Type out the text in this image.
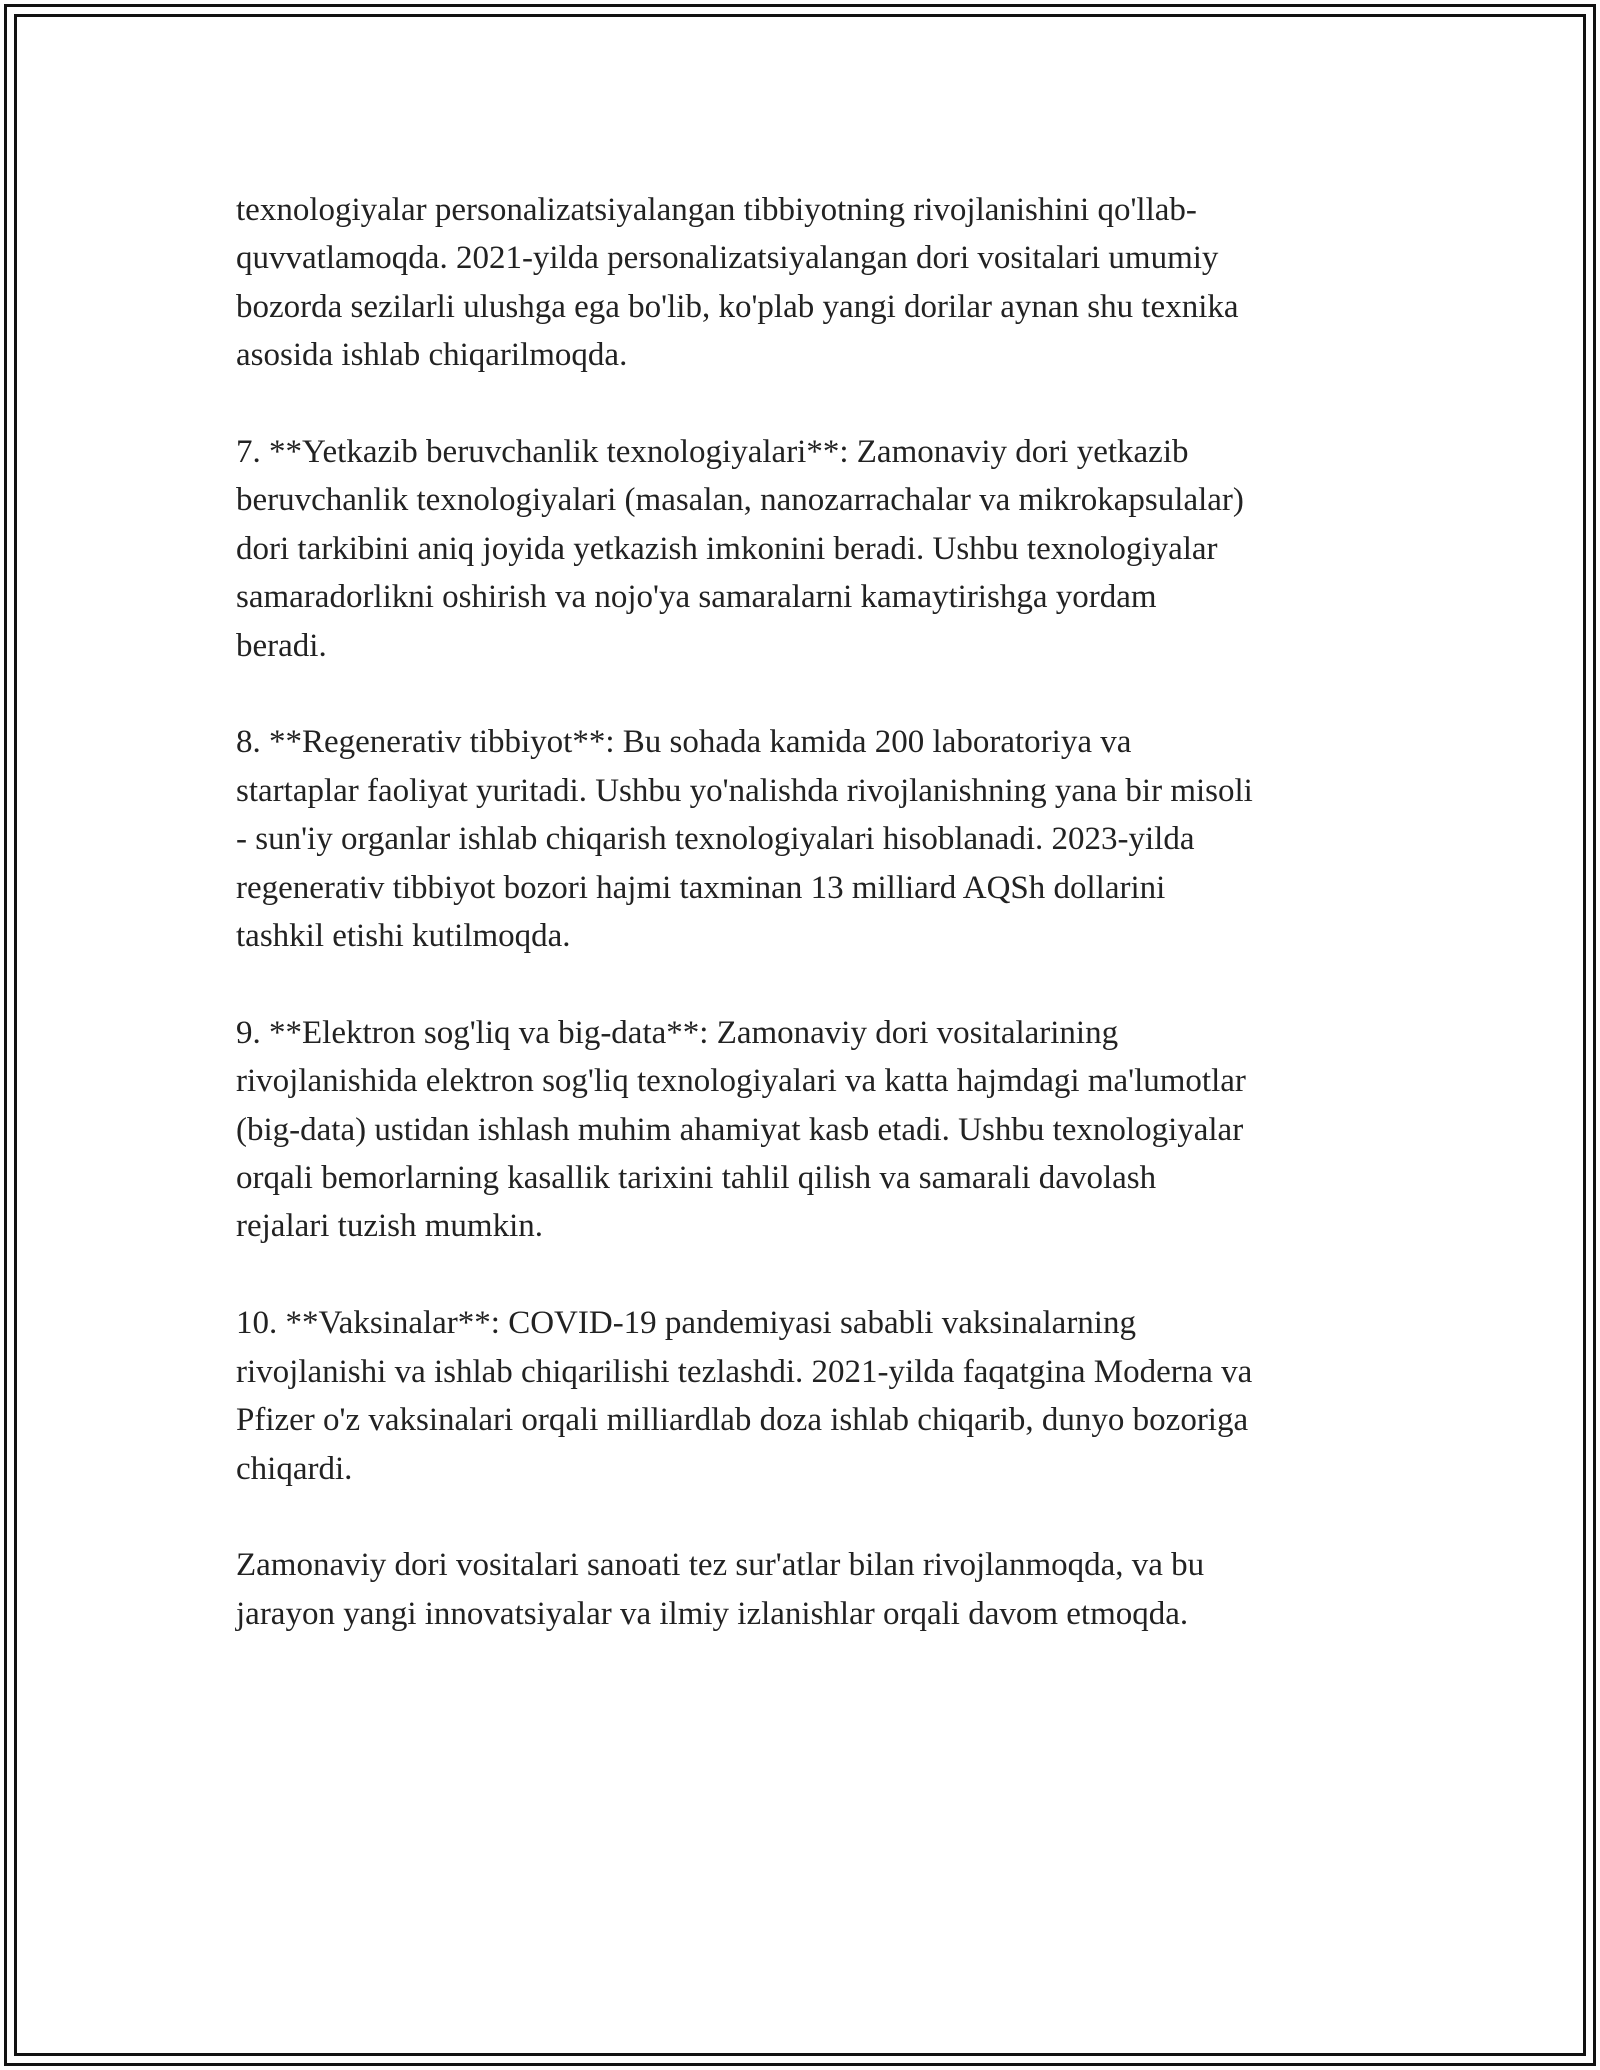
texnologiyalar personalizatsiyalangan tibbiyotning rivojlanishini qo'llab-
quvvatlamoqda. 2021-yilda personalizatsiyalangan dori vositalari umumiy
bozorda sezilarli ulushga ega bo'lib, ko'plab yangi dorilar aynan shu texnika
asosida ishlab chiqarilmoqda.

7. **Yetkazib beruvchanlik texnologiyalari**: Zamonaviy dori yetkazib
beruvchanlik texnologiyalari (masalan, nanozarrachalar va mikrokapsulalar)
dori tarkibini aniq joyida yetkazish imkonini beradi. Ushbu texnologiyalar
samaradorlikni oshirish va nojo'ya samaralarni kamaytirishga yordam
beradi.

8. **Regenerativ tibbiyot**: Bu sohada kamida 200 laboratoriya va
startaplar faoliyat yuritadi. Ushbu yo'nalishda rivojlanishning yana bir misoli
- sun'iy organlar ishlab chiqarish texnologiyalari hisoblanadi. 2023-yilda
regenerativ tibbiyot bozori hajmi taxminan 13 milliard AQSh dollarini
tashkil etishi kutilmoqda.

9. **Elektron sog'liq va big-data**: Zamonaviy dori vositalarining
rivojlanishida elektron sog'liq texnologiyalari va katta hajmdagi ma'lumotlar
(big-data) ustidan ishlash muhim ahamiyat kasb etadi. Ushbu texnologiyalar
orqali bemorlarning kasallik tarixini tahlil qilish va samarali davolash
rejalari tuzish mumkin.

10. **Vaksinalar**: COVID-19 pandemiyasi sababli vaksinalarning
rivojlanishi va ishlab chiqarilishi tezlashdi. 2021-yilda faqatgina Moderna va
Pfizer o'z vaksinalari orqali milliardlab doza ishlab chiqarib, dunyo bozoriga
chiqardi.

Zamonaviy dori vositalari sanoati tez sur'atlar bilan rivojlanmoqda, va bu
jarayon yangi innovatsiyalar va ilmiy izlanishlar orqali davom etmoqda.
